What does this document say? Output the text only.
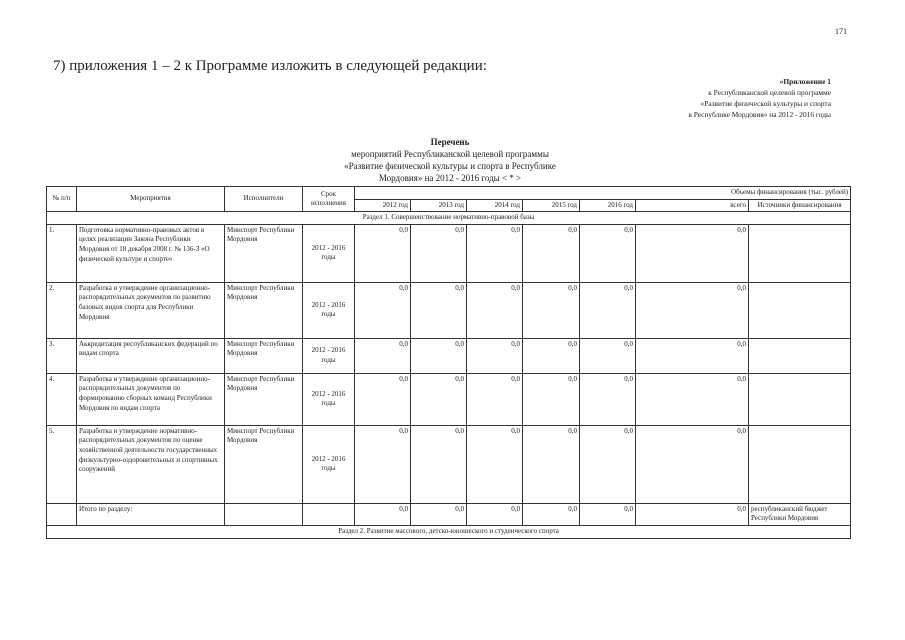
171
7) приложения 1 – 2 к Программе изложить в следующей редакции:
«Приложение 1
к Республиканской целевой программе
«Развитие физической культуры и спорта
в Республике Мордовия» на 2012 - 2016 годы
Перечень
мероприятий Республиканской целевой программы
«Развитие физической культуры и спорта в Республике
Мордовия» на 2012 - 2016 годы < * >
№ п/п	Мероприятия	Исполнители	Срок исполнения	Объемы финансирования (тыс. рублей)						
				2012 год	2013 год	2014 год	2015 год	2016 год	всего	Источники финансирования
Раздел 1. Совершенствование нормативно-правовой базы										
1.	Подготовка нормативно-правовых актов в целях реализации Закона Республики Мордовия от 18 декабря 2008 г. № 136-З «О физической культуре и спорте»	Минспорт Республики Мордовия	2012 - 2016 годы	0,0	0,0	0,0	0,0	0,0	0,0	
2.	Разработка и утверждение организационно-распорядительных документов по развитию базовых видов спорта для Республики Мордовия	Минспорт Республики Мордовия	2012 - 2016 годы	0,0	0,0	0,0	0,0	0,0	0,0	
3.	Аккредитация республиканских федераций по видам спорта	Минспорт Республики Мордовия	2012 - 2016 годы	0,0	0,0	0,0	0,0	0,0	0,0	
4.	Разработка и утверждение организационно-распорядительных документов по формированию сборных команд Республики Мордовия по видам спорта	Минспорт Республики Мордовия	2012 - 2016 годы	0,0	0,0	0,0	0,0	0,0	0,0	
5.	Разработка и утверждение нормативно-распорядительных документов по оценке хозяйственной деятельности государственных физкультурно-оздоровительных и спортивных сооружений	Минспорт Республики Мордовия	2012 - 2016 годы	0,0	0,0	0,0	0,0	0,0	0,0	
	Итого по разделу:			0,0	0,0	0,0	0,0	0,0	0,0	республиканский бюджет Республики Мордовия
Раздел 2. Развитие массового, детско-юношеского и студенческого спорта										
